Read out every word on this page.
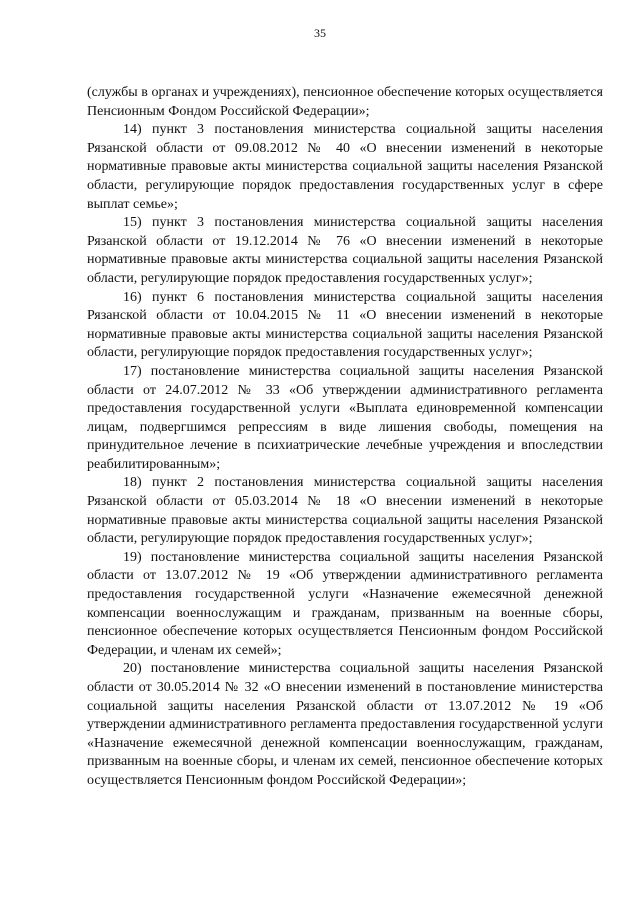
35

(службы в органах и учреждениях), пенсионное обеспечение которых осуществляется Пенсионным Фондом Российской Федерации»;

14) пункт 3 постановления министерства социальной защиты населения Рязанской области от 09.08.2012 № 40 «О внесении изменений в некоторые нормативные правовые акты министерства социальной защиты населения Рязанской области, регулирующие порядок предоставления государственных услуг в сфере выплат семье»;

15) пункт 3 постановления министерства социальной защиты населения Рязанской области от 19.12.2014 № 76 «О внесении изменений в некоторые нормативные правовые акты министерства социальной защиты населения Рязанской области, регулирующие порядок предоставления государственных услуг»;

16) пункт 6 постановления министерства социальной защиты населения Рязанской области от 10.04.2015 № 11 «О внесении изменений в некоторые нормативные правовые акты министерства социальной защиты населения Рязанской области, регулирующие порядок предоставления государственных услуг»;

17) постановление министерства социальной защиты населения Рязанской области от 24.07.2012 № 33 «Об утверждении административного регламента предоставления государственной услуги «Выплата единовременной компенсации лицам, подвергшимся репрессиям в виде лишения свободы, помещения на принудительное лечение в психиатрические лечебные учреждения и впоследствии реабилитированным»;

18) пункт 2 постановления министерства социальной защиты населения Рязанской области от 05.03.2014 № 18 «О внесении изменений в некоторые нормативные правовые акты министерства социальной защиты населения Рязанской области, регулирующие порядок предоставления государственных услуг»;

19) постановление министерства социальной защиты населения Рязанской области от 13.07.2012 № 19 «Об утверждении административного регламента предоставления государственной услуги «Назначение ежемесячной денежной компенсации военнослужащим и гражданам, призванным на военные сборы, пенсионное обеспечение которых осуществляется Пенсионным фондом Российской Федерации, и членам их семей»;

20) постановление министерства социальной защиты населения Рязанской области от 30.05.2014 № 32 «О внесении изменений в постановление министерства социальной защиты населения Рязанской области от 13.07.2012 № 19 «Об утверждении административного регламента предоставления государственной услуги «Назначение ежемесячной денежной компенсации военнослужащим, гражданам, призванным на военные сборы, и членам их семей, пенсионное обеспечение которых осуществляется Пенсионным фондом Российской Федерации»;
